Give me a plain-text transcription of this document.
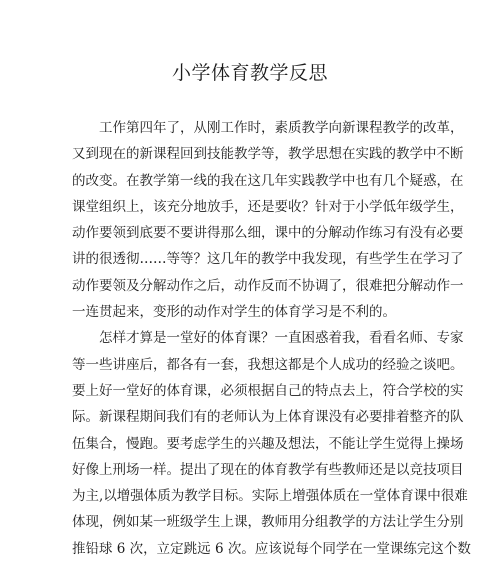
小学体育教学反思
工作第四年了，从刚工作时，素质教学向新课程教学的改革，
又到现在的新课程回到技能教学等，教学思想在实践的教学中不断
的改变。在教学第一线的我在这几年实践教学中也有几个疑惑，在
课堂组织上，该充分地放手，还是要收？针对于小学低年级学生，
动作要领到底要不要讲得那么细，课中的分解动作练习有没有必要
讲的很透彻……等等？这几年的教学中我发现，有些学生在学习了
动作要领及分解动作之后，动作反而不协调了，很难把分解动作一
一连贯起来，变形的动作对学生的体育学习是不利的。
怎样才算是一堂好的体育课？一直困惑着我，看看名师、专家
等一些讲座后，都各有一套，我想这都是个人成功的经验之谈吧。
要上好一堂好的体育课，必须根据自己的特点去上，符合学校的实
际。新课程期间我们有的老师认为上体育课没有必要排着整齐的队
伍集合，慢跑。要考虑学生的兴趣及想法，不能让学生觉得上操场
好像上刑场一样。提出了现在的体育教学有些教师还是以竞技项目
为主,以增强体质为教学目标。实际上增强体质在一堂体育课中很难
体现，例如某一班级学生上课，教师用分组教学的方法让学生分别
推铅球 6 次，立定跳远 6 次。应该说每个同学在一堂课练完这个数
